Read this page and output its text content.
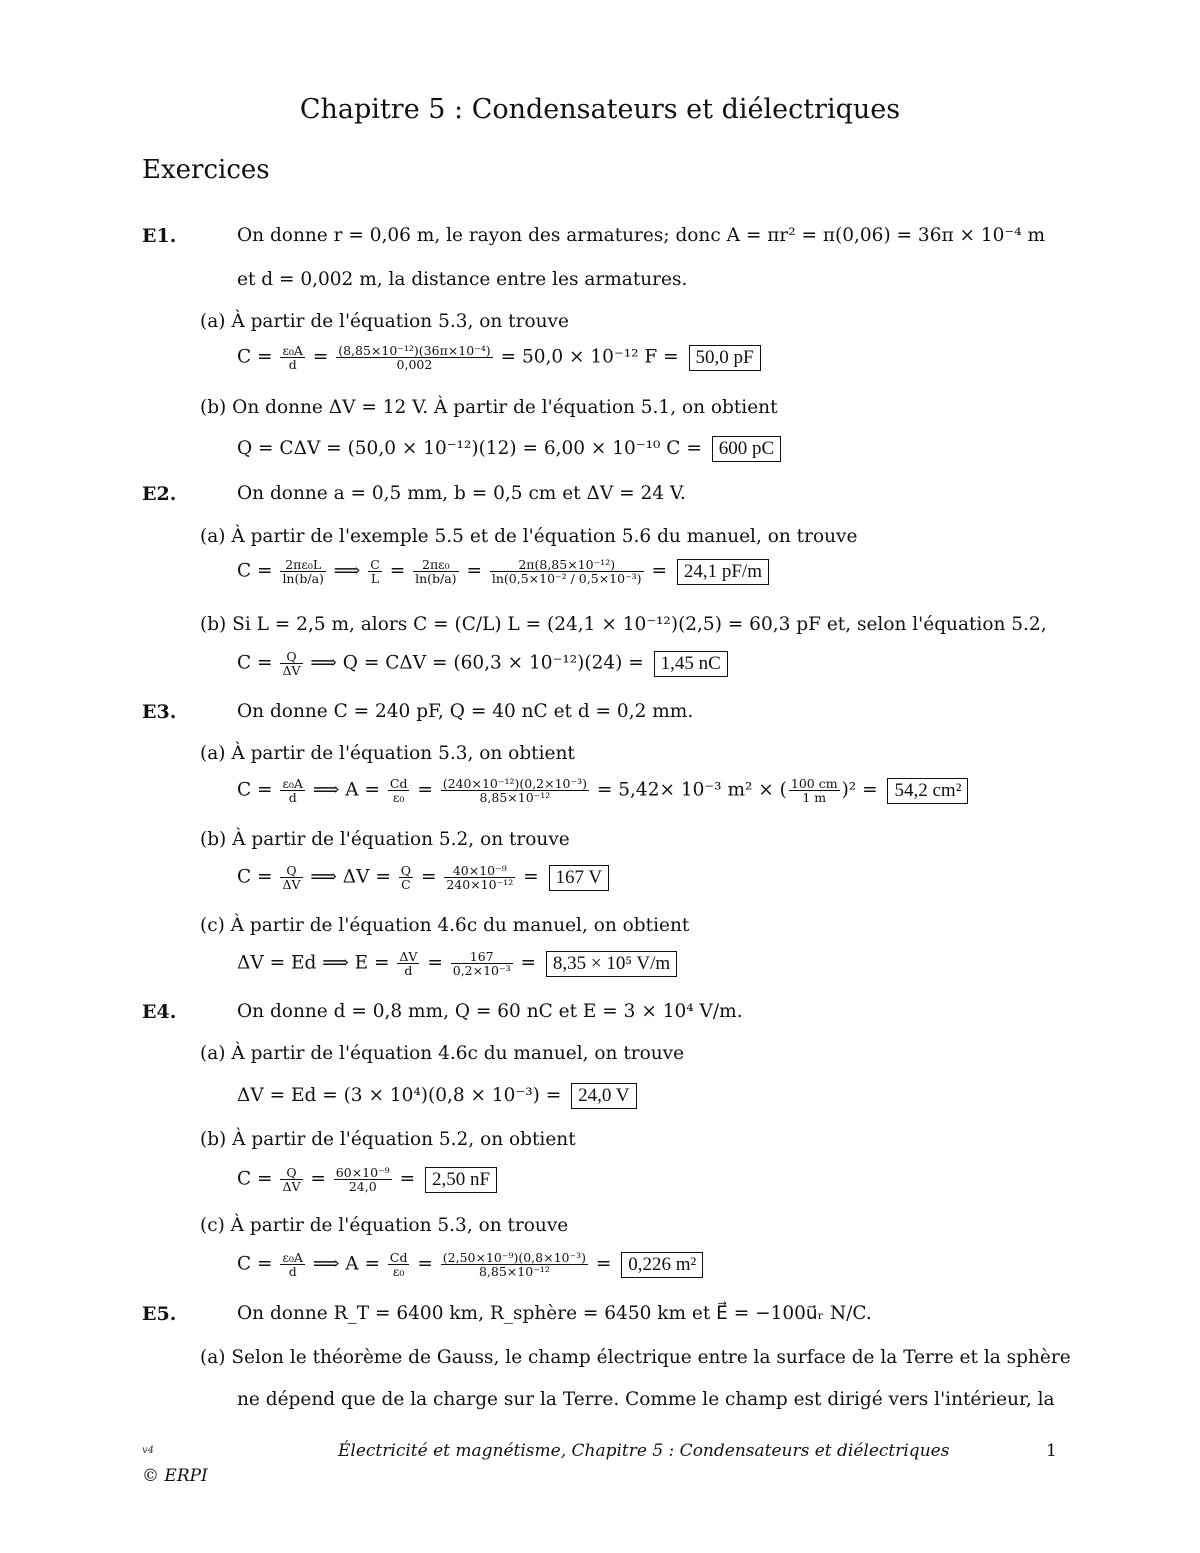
Chapitre 5 : Condensateurs et diélectriques
Exercices
E1.	On donne r = 0,06 m, le rayon des armatures; donc A = πr² = π(0,06) = 36π × 10⁻⁴ m
et d = 0,002 m, la distance entre les armatures.
(a) À partir de l'équation 5.3, on trouve
$C = \frac{\text{ε₀A}}{d} = \frac{\text{(8,85×10⁻¹²)(36π×10⁻⁴)}}{0,002} = 50,0 \times 10^{-12}$ F = 50,0 pF
(b) On donne ΔV = 12 V. À partir de l'équation 5.1, on obtient
Q = CΔV = (50,0 × 10⁻¹²)(12) = 6,00 × 10⁻¹⁰ C = 600 pC
E2.	On donne a = 0,5 mm, b = 0,5 cm et ΔV = 24 V.
(a) À partir de l'exemple 5.5 et de l'équation 5.6 du manuel, on trouve
$C = \frac{\text{2πε₀L}}{\ln(b/a)}$ ⟹ $\frac{C}{L} = \frac{\text{2πε₀}}{\ln(b/a)} = \frac{\text{2π(8,85×10⁻¹²)}}{\text{ln(0,5×10⁻² / 0,5×10⁻³)}} = 24,1$ pF/m
(b) Si L = 2,5 m, alors C = (C/L) L = (24,1 × 10⁻¹²)(2,5) = 60,3 pF et, selon l'équation 5.2,
$C = \frac{Q}{\Delta V}$ ⟹ Q = CΔV = (60,3 × 10⁻¹²)(24) = 1,45 nC
E3.	On donne C = 240 pF, Q = 40 nC et d = 0,2 mm.
(a) À partir de l'équation 5.3, on obtient
$C = \frac{\text{ε₀A}}{d}$ ⟹ $A = \frac{Cd}{\text{ε₀}} = \frac{\text{(240×10⁻¹²)(0,2×10⁻³)}}{\text{8,85×10⁻¹²}} = 5,42\times 10^{-3}$ m² × ( $\frac{100 cm}{1 m} )^2 = 54,2$ cm²
(b) À partir de l'équation 5.2, on trouve
$C = \frac{Q}{\Delta V}$ ⟹ $\Delta V = \frac{Q}{C} = \frac{\text{40×10⁻⁹}}{\text{240×10⁻¹²}} = 167$ V
(c) À partir de l'équation 4.6c du manuel, on obtient
ΔV = Ed ⟹ $E = \frac{\Delta V}{d} = \frac{167}{\text{0,2×10⁻³}} = 8,35 \times 10^5$ V/m
E4.	On donne d = 0,8 mm, Q = 60 nC et E = 3 × 10⁴ V/m.
(a) À partir de l'équation 4.6c du manuel, on trouve
ΔV = Ed = (3 × 10⁴)(0,8 × 10⁻³) = 24,0 V
(b) À partir de l'équation 5.2, on obtient
$C = \frac{Q}{\Delta V} = \frac{\text{60×10⁻⁹}}{24,0} = 2,50$ nF
(c) À partir de l'équation 5.3, on trouve
$C = \frac{\text{ε₀A}}{d}$ ⟹ $A = \frac{Cd}{\text{ε₀}} = \frac{\text{(2,50×10⁻⁹)(0,8×10⁻³)}}{\text{8,85×10⁻¹²}} = 0,226$ m²
E5.	On donne R_T = 6400 km, R_sphère = 6450 km et E⃗ = −100u⃗ᵣ N/C.
(a) Selon le théorème de Gauss, le champ électrique entre la surface de la Terre et la sphère
ne dépend que de la charge sur la Terre. Comme le champ est dirigé vers l'intérieur, la
v4	Électricité et magnétisme, Chapitre 5 : Condensateurs et diélectriques	1
© ERPI
